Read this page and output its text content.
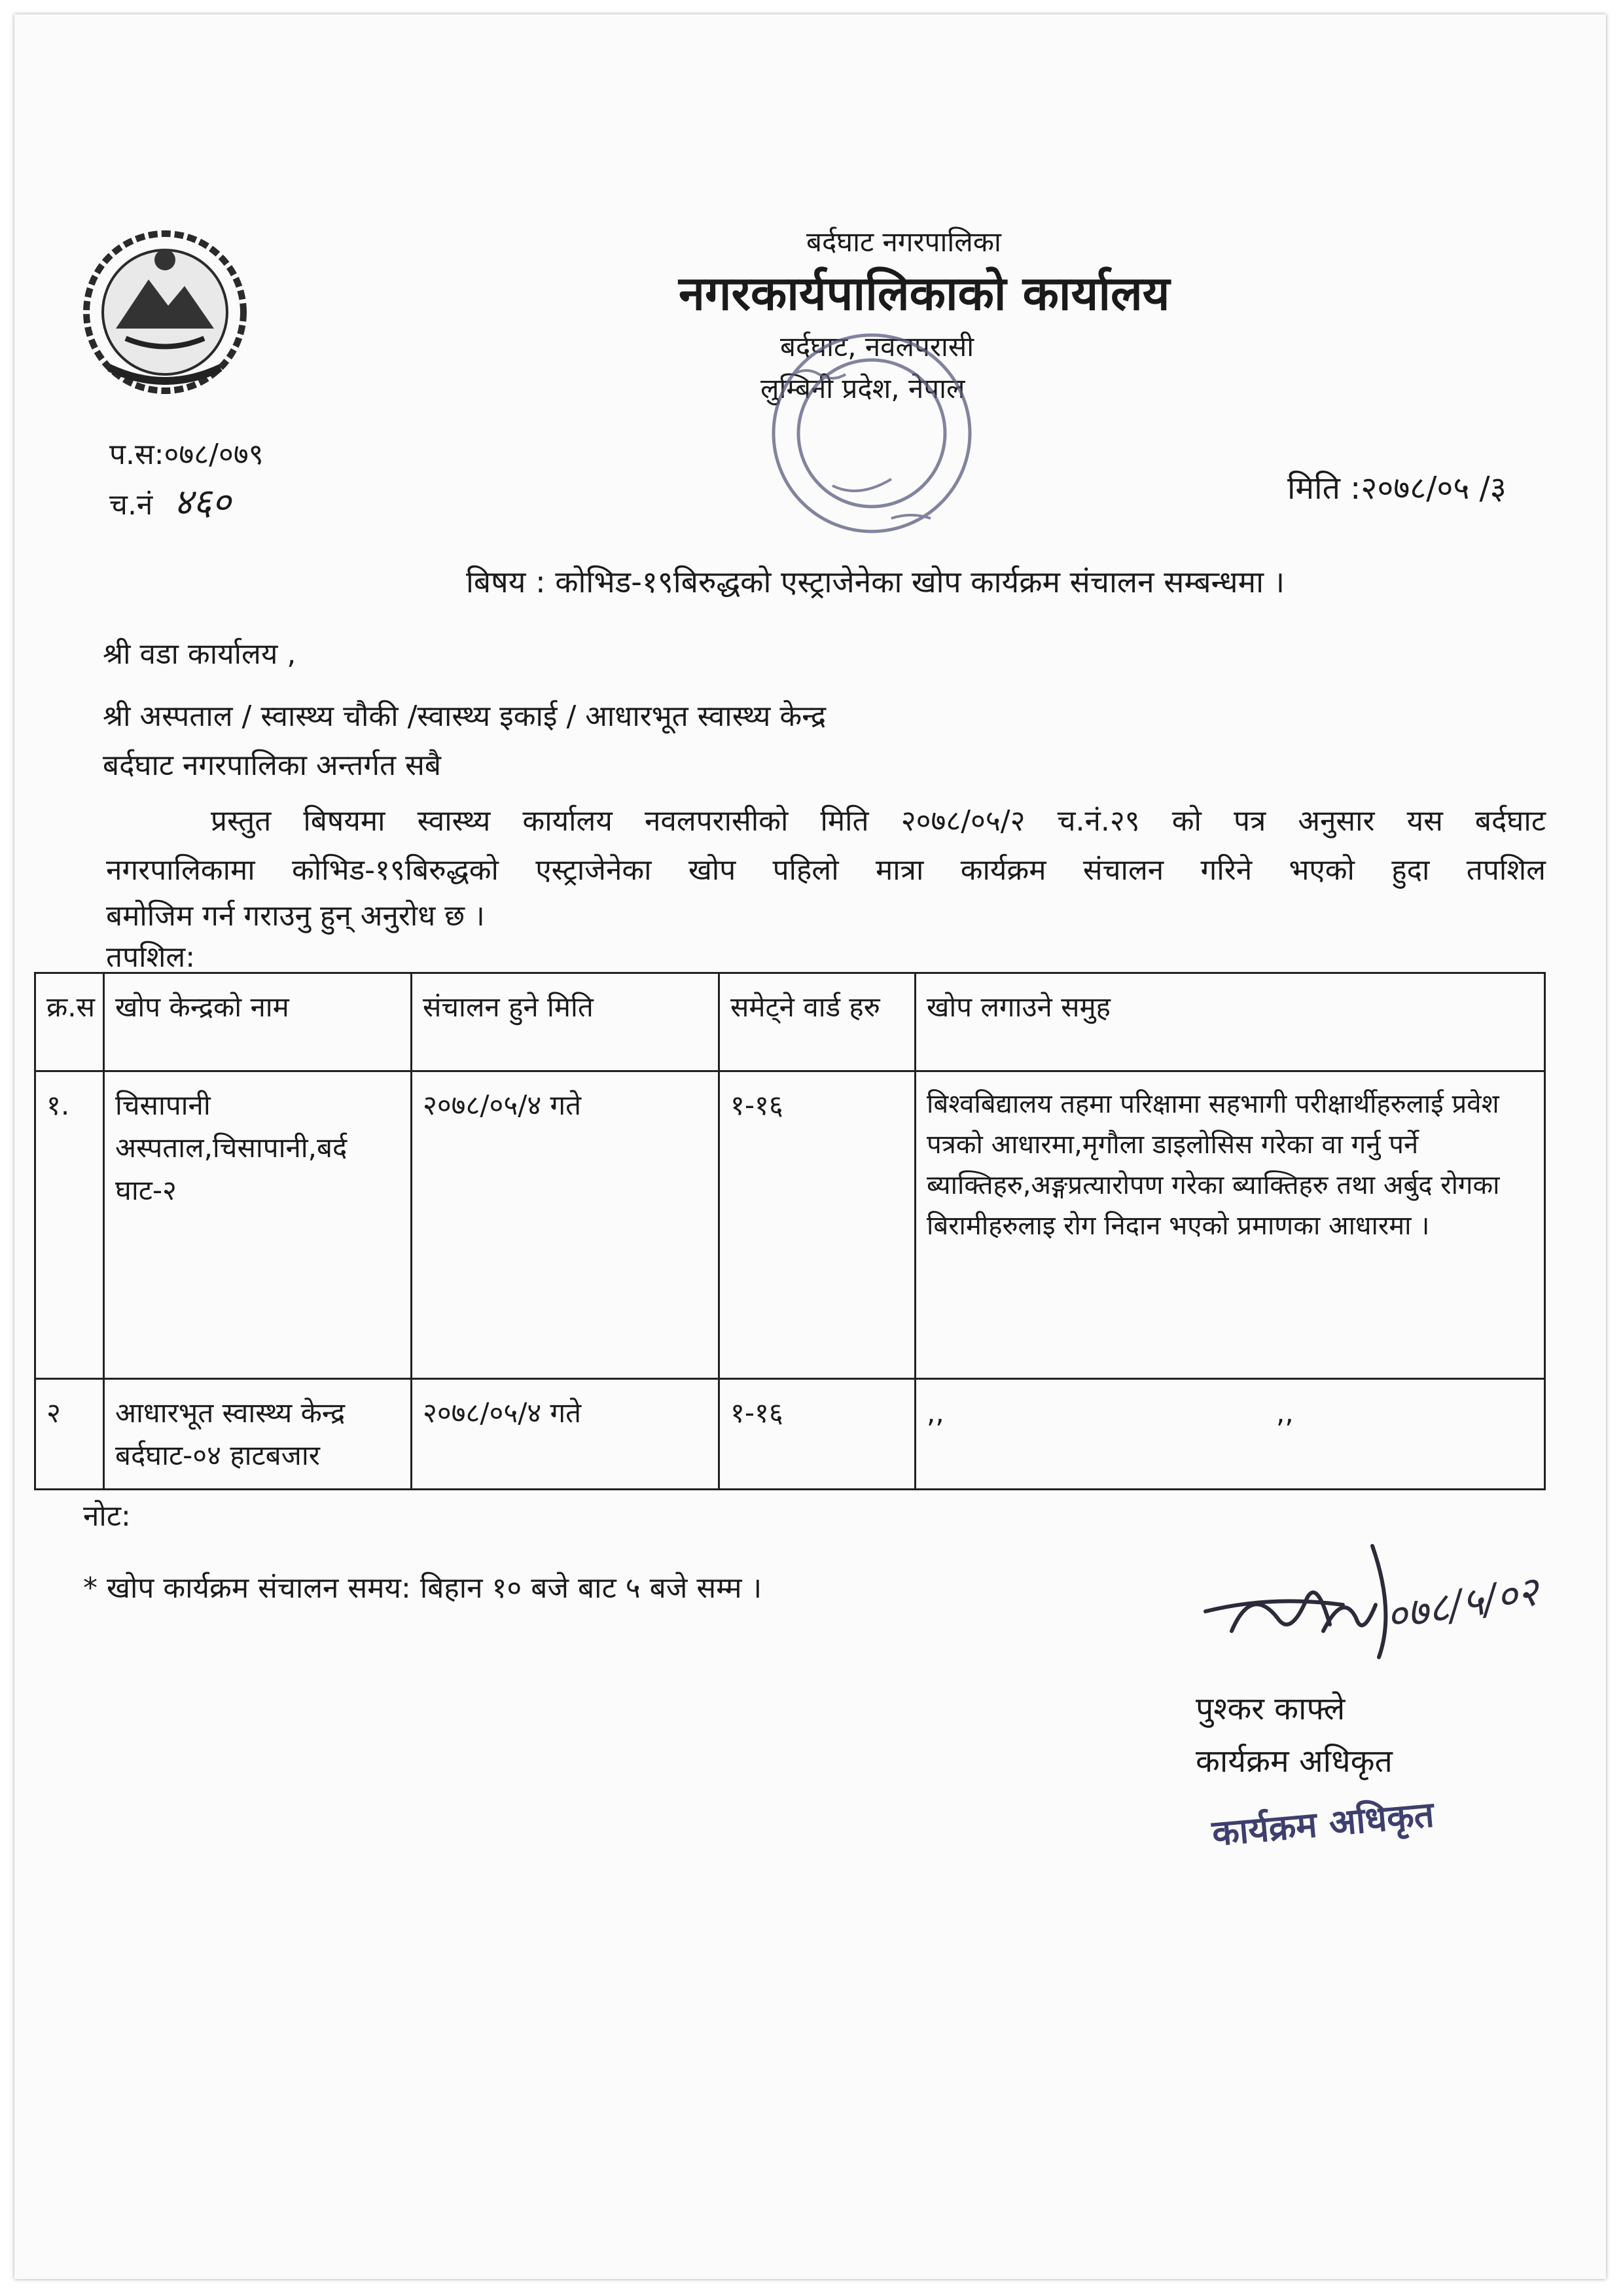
बर्दघाट नगरपालिका
नगरकार्यपालिकाको कार्यालय
बर्दघाट, नवलपरासी
लुम्बिनी प्रदेश, नेपाल
प.स:०७८/०७९
च.नं ४६०	मिति :२०७८/०५ /३
बिषय : कोभिड-१९बिरुद्धको एस्ट्राजेनेका खोप कार्यक्रम संचालन सम्बन्धमा ।
श्री वडा कार्यालय ,
श्री अस्पताल / स्वास्थ्य चौकी /स्वास्थ्य इकाई / आधारभूत स्वास्थ्य केन्द्र
बर्दघाट नगरपालिका अन्तर्गत सबै
प्रस्तुत बिषयमा स्वास्थ्य कार्यालय नवलपरासीको मिति २०७८/०५/२ च.नं.२९ को पत्र अनुसार यस बर्दघाट
नगरपालिकामा कोभिड-१९बिरुद्धको एस्ट्राजेनेका खोप पहिलो मात्रा कार्यक्रम संचालन गरिने भएको हुदा तपशिल
बमोजिम गर्न गराउनु हुन् अनुरोध छ ।
तपशिल:
क्र.स	खोप केन्द्रको नाम	संचालन हुने मिति	समेट्ने वार्ड हरु	खोप लगाउने समुह
१.	चिसापानी अस्पताल,चिसापानी,बर्द घाट-२	२०७८/०५/४ गते	१-१६	बिश्वबिद्यालय तहमा परिक्षामा सहभागी परीक्षार्थीहरुलाई प्रवेश पत्रको आधारमा,मृगौला डाइलोसिस गरेका वा गर्नु पर्ने ब्याक्तिहरु,अङ्गप्रत्यारोपण गरेका ब्याक्तिहरु तथा अर्बुद रोगका बिरामीहरुलाइ रोग निदान भएको प्रमाणका आधारमा ।
२	आधारभूत स्वास्थ्य केन्द्र बर्दघाट-०४ हाटबजार	२०७८/०५/४ गते	१-१६	,,                                      ,,
नोट:
* खोप कार्यक्रम संचालन समय: बिहान १० बजे बाट ५ बजे सम्म ।	०७८/५/०२
पुश्कर काफ्ले
कार्यक्रम अधिकृत
कार्यक्रम अधिकृत
